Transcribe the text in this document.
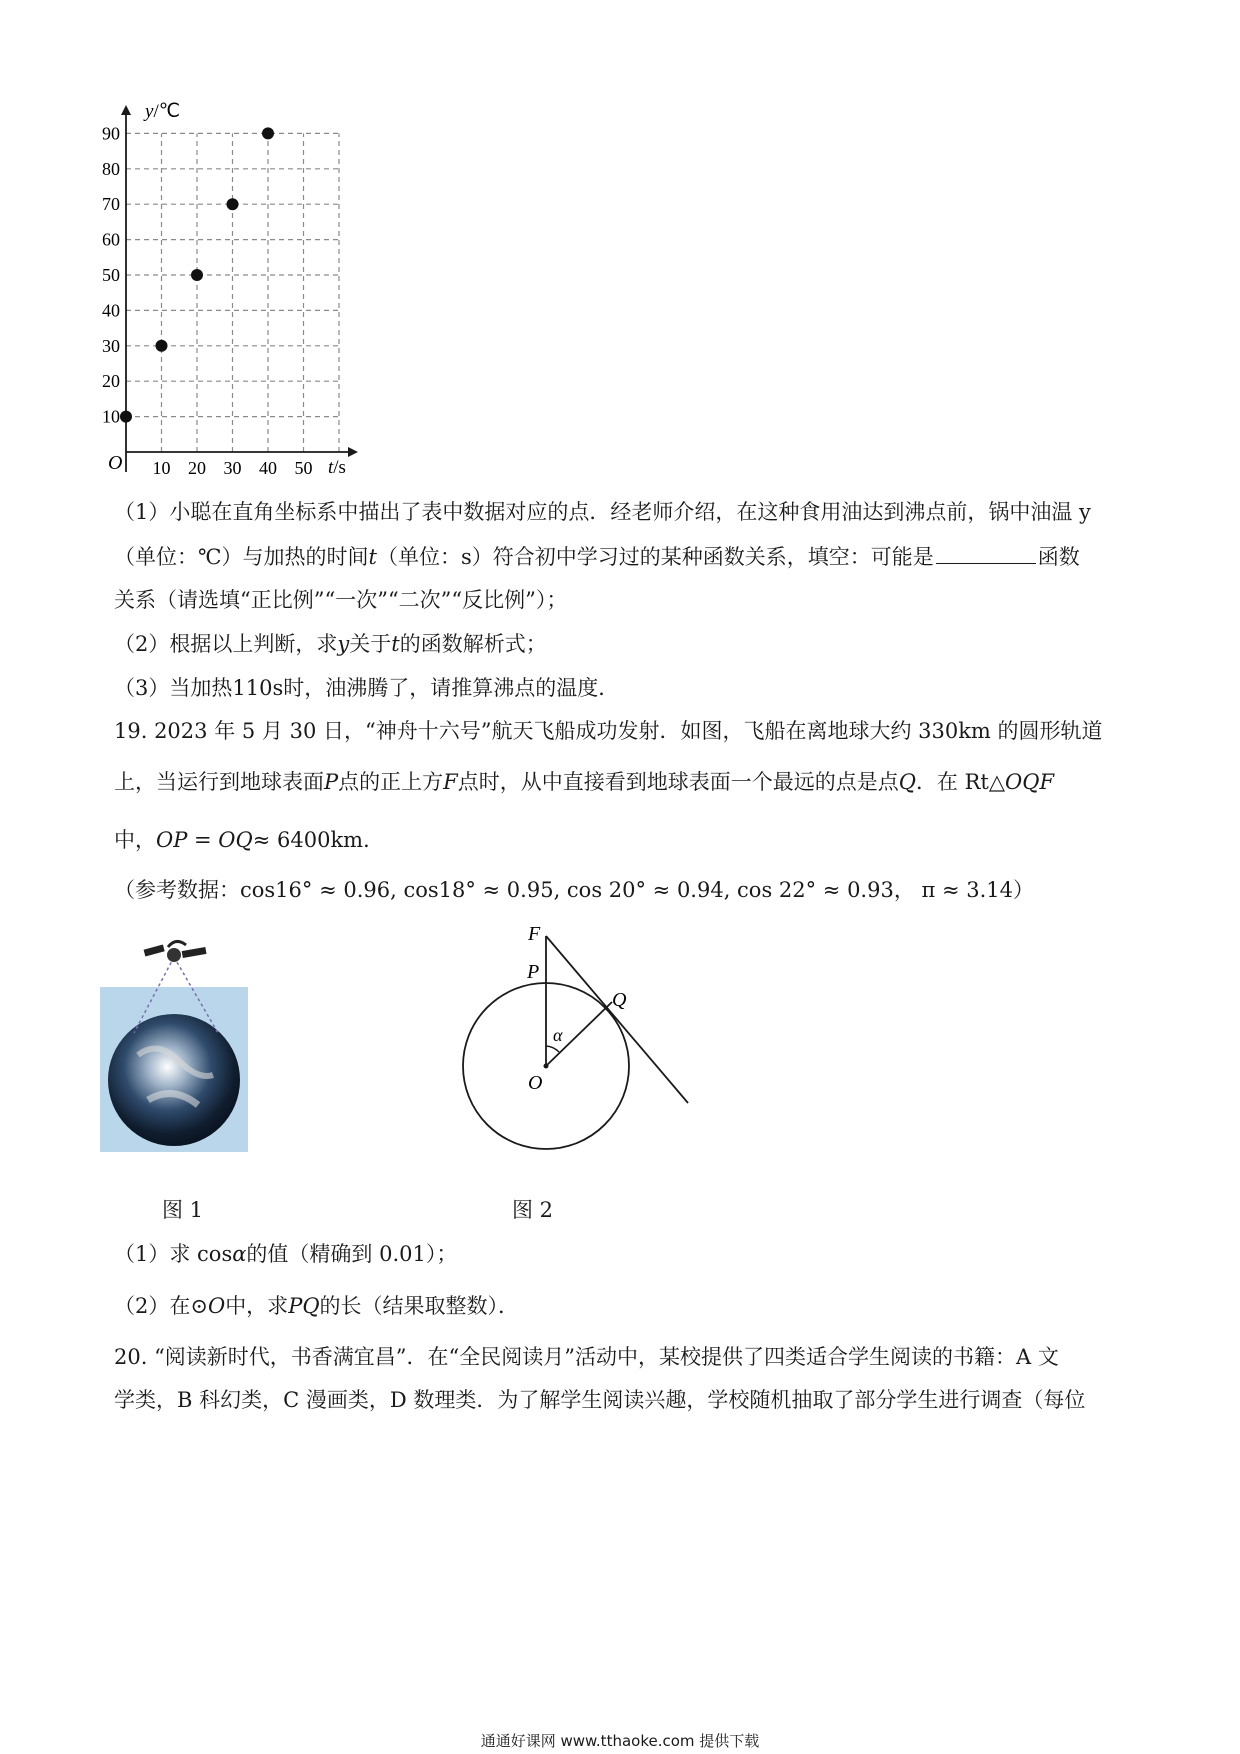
10 20 30 40 50
10
20
30
40
50
60
70
80
90
y/℃
t/s
O
（1）小聪在直角坐标系中描出了表中数据对应的点．经老师介绍，在这种食用油达到沸点前，锅中油温 y
（单位：℃）与加热的时间t（单位：s）符合初中学习过的某种函数关系，填空：可能是	函数
关系（请选填“正比例”“一次”“二次”“反比例”）；
（2）根据以上判断，求y关于t的函数解析式；
（3）当加热110s时，油沸腾了，请推算沸点的温度．
19. 2023 年 5 月 30 日，“神舟十六号”航天飞船成功发射．如图，飞船在离地球大约 330km 的圆形轨道
上，当运行到地球表面P点的正上方F点时，从中直接看到地球表面一个最远的点是点Q．在 Rt△OQF
中，OP = OQ≈ 6400km．
（参考数据：cos16° ≈ 0.96, cos18° ≈ 0.95, cos 20° ≈ 0.94, cos 22° ≈ 0.93， π ≈ 3.14）
图 1
F
P
Q
O
α
图 2
（1）求 cosα的值（精确到 0.01）；
（2）在⊙O中，求PQ的长（结果取整数）．
20. “阅读新时代，书香满宜昌”．在“全民阅读月”活动中，某校提供了四类适合学生阅读的书籍：A 文
学类，B 科幻类，C 漫画类，D 数理类．为了解学生阅读兴趣，学校随机抽取了部分学生进行调查（每位
通通好课网 www.tthaoke.com 提供下载
